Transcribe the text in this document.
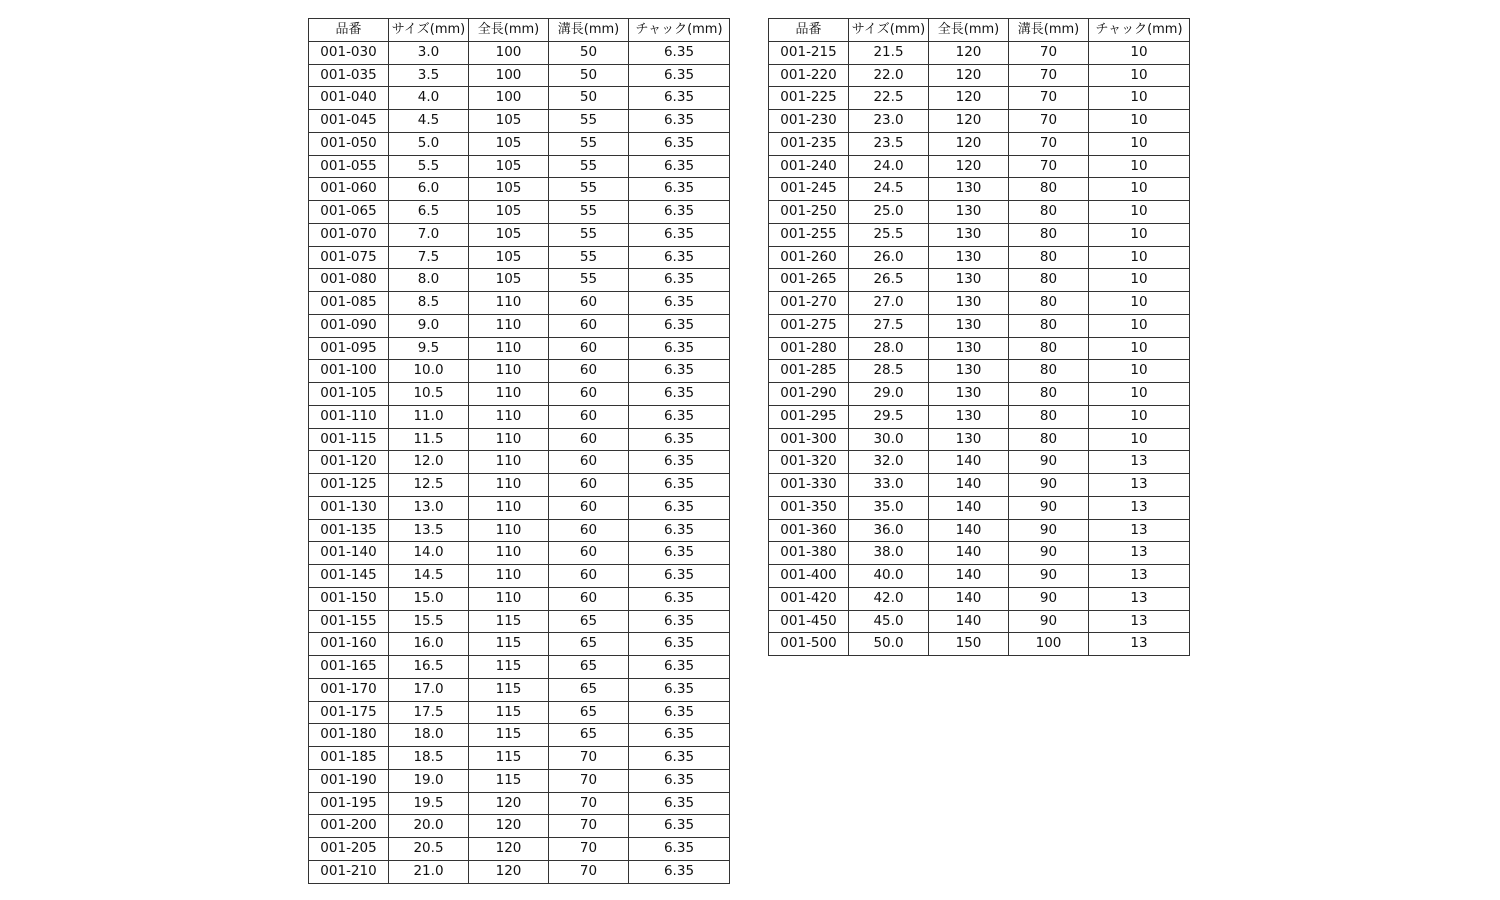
品番	サイズ(mm)	全長(mm)	溝長(mm)	チャック(mm)
001-030	3.0	100	50	6.35
001-035	3.5	100	50	6.35
001-040	4.0	100	50	6.35
001-045	4.5	105	55	6.35
001-050	5.0	105	55	6.35
001-055	5.5	105	55	6.35
001-060	6.0	105	55	6.35
001-065	6.5	105	55	6.35
001-070	7.0	105	55	6.35
001-075	7.5	105	55	6.35
001-080	8.0	105	55	6.35
001-085	8.5	110	60	6.35
001-090	9.0	110	60	6.35
001-095	9.5	110	60	6.35
001-100	10.0	110	60	6.35
001-105	10.5	110	60	6.35
001-110	11.0	110	60	6.35
001-115	11.5	110	60	6.35
001-120	12.0	110	60	6.35
001-125	12.5	110	60	6.35
001-130	13.0	110	60	6.35
001-135	13.5	110	60	6.35
001-140	14.0	110	60	6.35
001-145	14.5	110	60	6.35
001-150	15.0	110	60	6.35
001-155	15.5	115	65	6.35
001-160	16.0	115	65	6.35
001-165	16.5	115	65	6.35
001-170	17.0	115	65	6.35
001-175	17.5	115	65	6.35
001-180	18.0	115	65	6.35
001-185	18.5	115	70	6.35
001-190	19.0	115	70	6.35
001-195	19.5	120	70	6.35
001-200	20.0	120	70	6.35
001-205	20.5	120	70	6.35
001-210	21.0	120	70	6.35
品番	サイズ(mm)	全長(mm)	溝長(mm)	チャック(mm)
001-215	21.5	120	70	10
001-220	22.0	120	70	10
001-225	22.5	120	70	10
001-230	23.0	120	70	10
001-235	23.5	120	70	10
001-240	24.0	120	70	10
001-245	24.5	130	80	10
001-250	25.0	130	80	10
001-255	25.5	130	80	10
001-260	26.0	130	80	10
001-265	26.5	130	80	10
001-270	27.0	130	80	10
001-275	27.5	130	80	10
001-280	28.0	130	80	10
001-285	28.5	130	80	10
001-290	29.0	130	80	10
001-295	29.5	130	80	10
001-300	30.0	130	80	10
001-320	32.0	140	90	13
001-330	33.0	140	90	13
001-350	35.0	140	90	13
001-360	36.0	140	90	13
001-380	38.0	140	90	13
001-400	40.0	140	90	13
001-420	42.0	140	90	13
001-450	45.0	140	90	13
001-500	50.0	150	100	13
